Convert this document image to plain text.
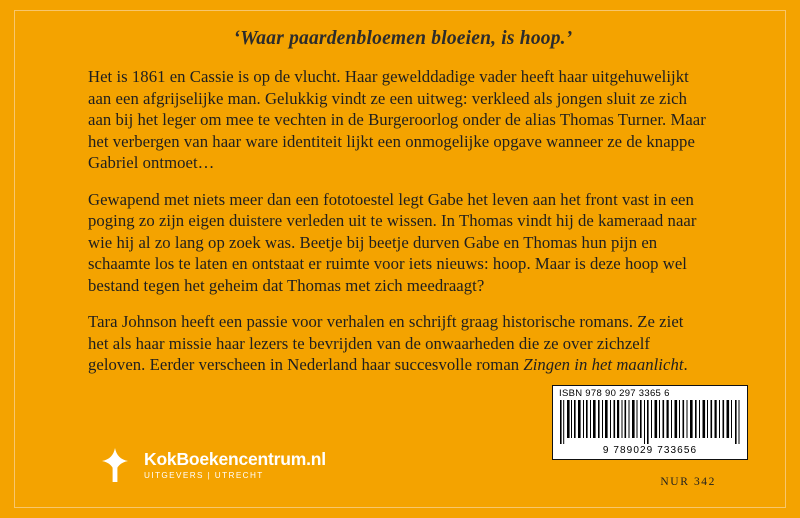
‘Waar paardenbloemen bloeien, is hoop.’

Het is 1861 en Cassie is op de vlucht. Haar gewelddadige vader heeft haar uitgehuwelijkt aan een afgrijselijke man. Gelukkig vindt ze een uitweg: verkleed als jongen sluit ze zich aan bij het leger om mee te vechten in de Burgeroorlog onder de alias Thomas Turner. Maar het verbergen van haar ware identiteit lijkt een onmogelijke opgave wanneer ze de knappe Gabriel ontmoet…

Gewapend met niets meer dan een fototoestel legt Gabe het leven aan het front vast in een poging zo zijn eigen duistere verleden uit te wissen. In Thomas vindt hij de kameraad naar wie hij al zo lang op zoek was. Beetje bij beetje durven Gabe en Thomas hun pijn en schaamte los te laten en ontstaat er ruimte voor iets nieuws: hoop. Maar is deze hoop wel bestand tegen het geheim dat Thomas met zich meedraagt?

Tara Johnson heeft een passie voor verhalen en schrijft graag historische romans. Ze ziet het als haar missie haar lezers te bevrijden van de onwaarheden die ze over zichzelf geloven. Eerder verscheen in Nederland haar succesvolle roman Zingen in het maanlicht.

KokBoekencentrum.nl
UITGEVERS | UTRECHT
ISBN 978 90 297 3365 6
9 789029 733656
NUR 342
